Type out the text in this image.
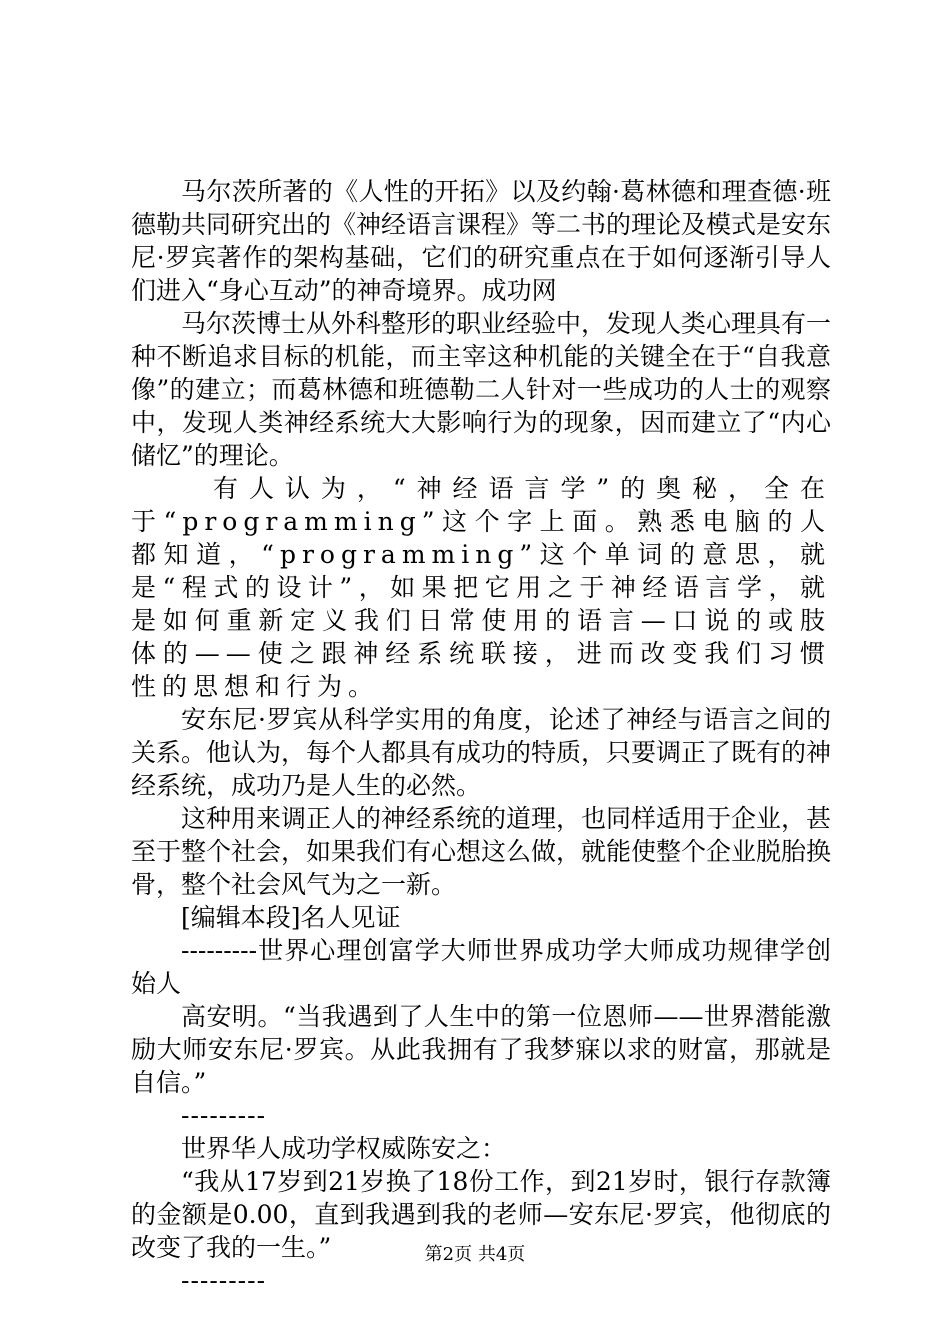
马尔茨所著的《人性的开拓》以及约翰·葛林德和理查德·班德勒共同研究出的《神经语言课程》等二书的理论及模式是安东尼·罗宾著作的架构基础，它们的研究重点在于如何逐渐引导人们进入“身心互动”的神奇境界。成功网

马尔茨博士从外科整形的职业经验中，发现人类心理具有一种不断追求目标的机能，而主宰这种机能的关键全在于“自我意像”的建立；而葛林德和班德勒二人针对一些成功的人士的观察中，发现人类神经系统大大影响行为的现象，因而建立了“内心储忆”的理论。

有人认为，“神经语言学”的奥秘，全在于“programming”这个字上面。熟悉电脑的人都知道，“programming”这个单词的意思，就是“程式的设计”，如果把它用之于神经语言学，就是如何重新定义我们日常使用的语言—口说的或肢体的——使之跟神经系统联接，进而改变我们习惯性的思想和行为。

安东尼·罗宾从科学实用的角度，论述了神经与语言之间的关系。他认为，每个人都具有成功的特质，只要调正了既有的神经系统，成功乃是人生的必然。

这种用来调正人的神经系统的道理，也同样适用于企业，甚至于整个社会，如果我们有心想这么做，就能使整个企业脱胎换骨，整个社会风气为之一新。

[编辑本段]名人见证

---------世界心理创富学大师世界成功学大师成功规律学创始人

高安明。“当我遇到了人生中的第一位恩师——世界潜能激励大师安东尼·罗宾。从此我拥有了我梦寐以求的财富，那就是自信。”

---------

世界华人成功学权威陈安之：

“我从17岁到21岁换了18份工作，到21岁时，银行存款簿的金额是0.00，直到我遇到我的老师—安东尼·罗宾，他彻底的改变了我的一生。”

---------

第2页 共4页
